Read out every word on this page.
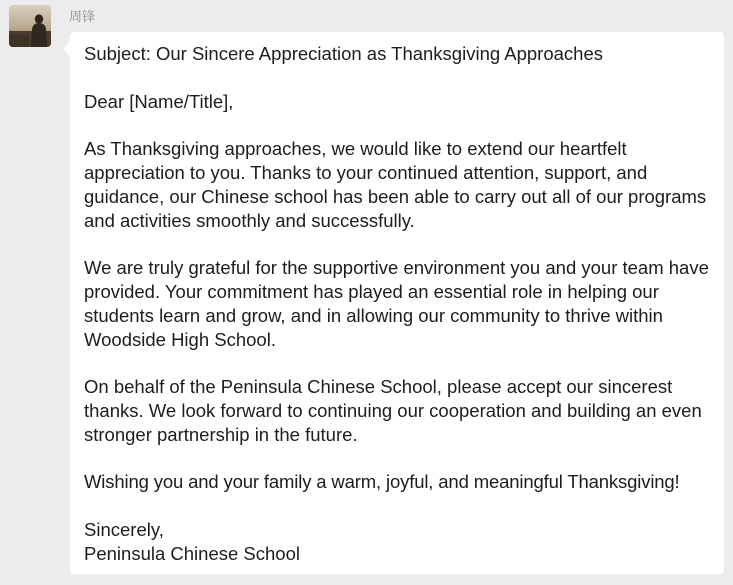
周锋

Subject: Our Sincere Appreciation as Thanksgiving Approaches

Dear [Name/Title],

As Thanksgiving approaches, we would like to extend our heartfelt appreciation to you. Thanks to your continued attention, support, and guidance, our Chinese school has been able to carry out all of our programs and activities smoothly and successfully.

We are truly grateful for the supportive environment you and your team have provided. Your commitment has played an essential role in helping our students learn and grow, and in allowing our community to thrive within Woodside High School.

On behalf of the Peninsula Chinese School, please accept our sincerest thanks. We look forward to continuing our cooperation and building an even stronger partnership in the future.

Wishing you and your family a warm, joyful, and meaningful Thanksgiving!

Sincerely,

Peninsula Chinese School
